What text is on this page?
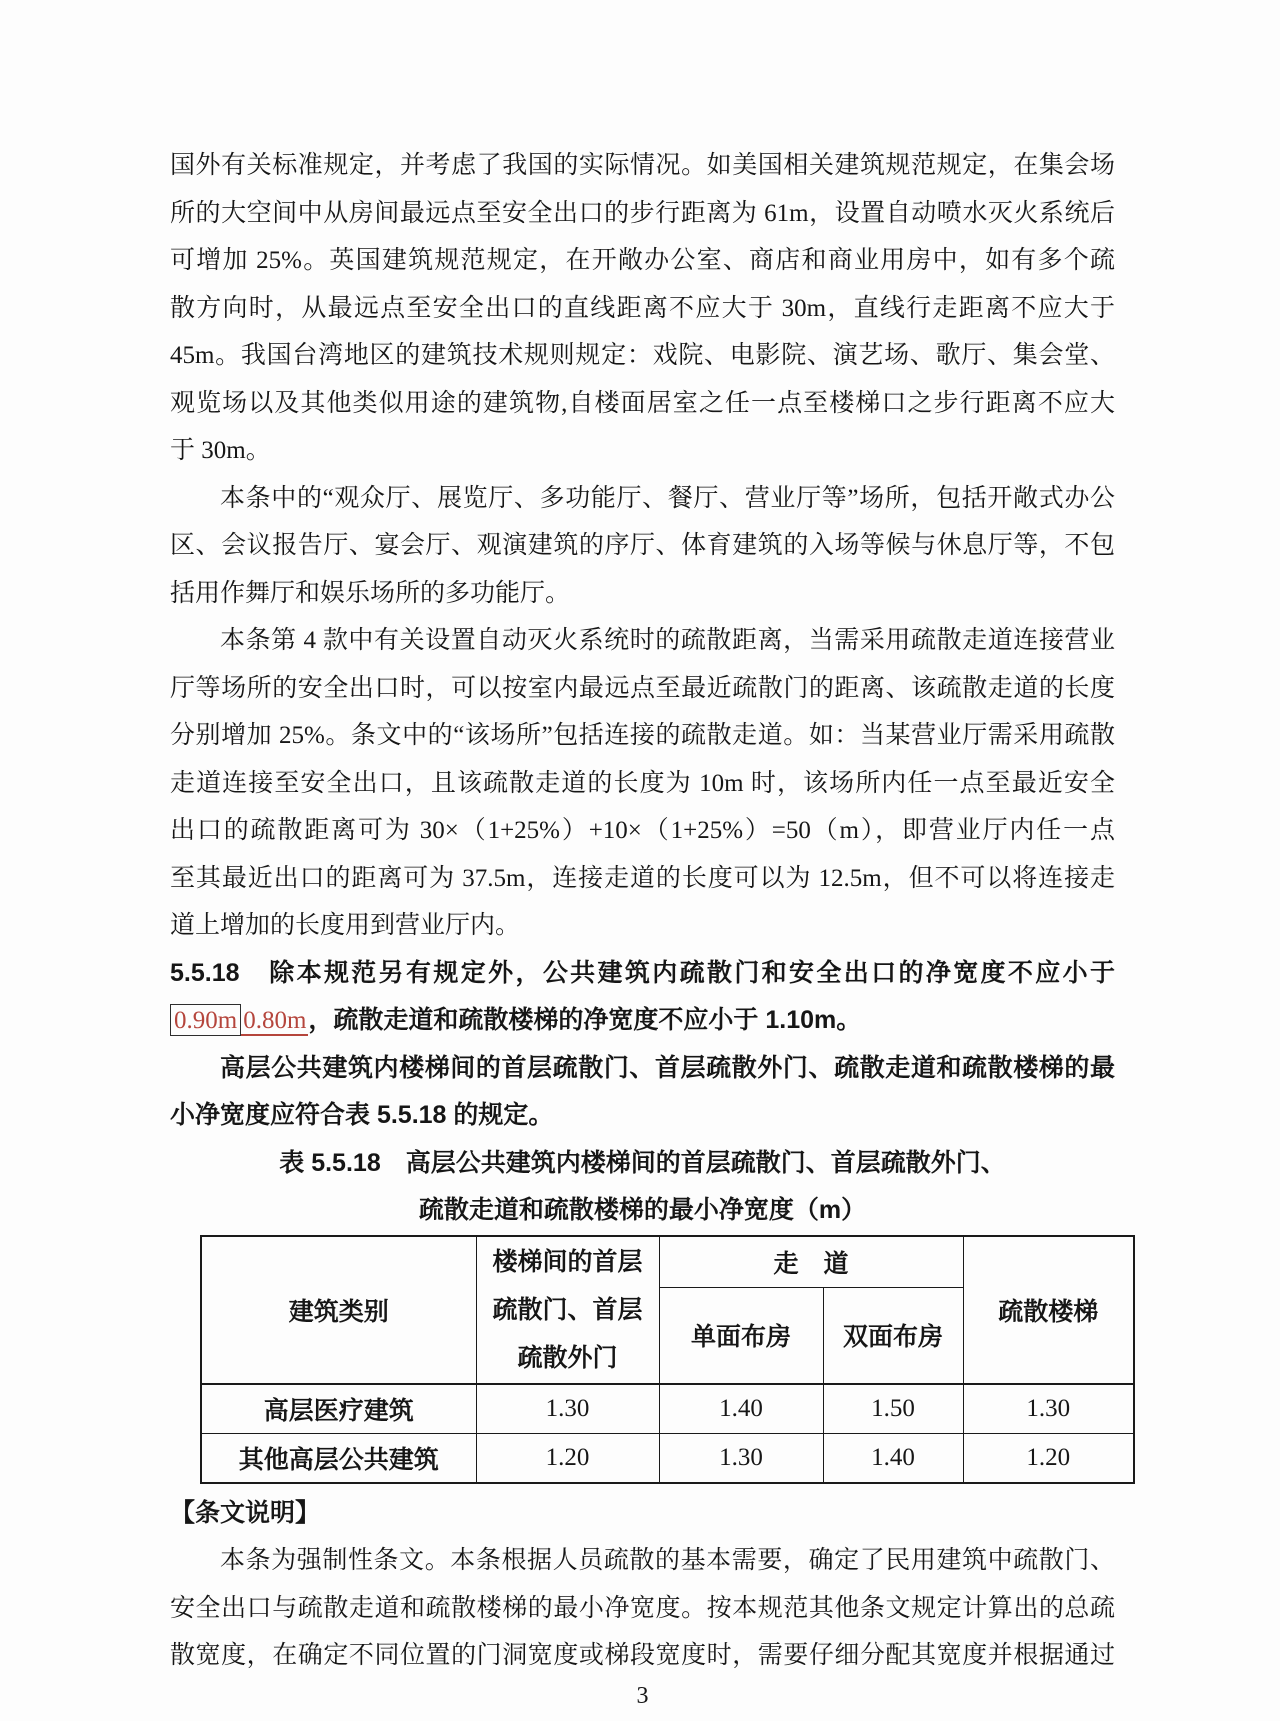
国外有关标准规定，并考虑了我国的实际情况。如美国相关建筑规范规定，在集会场
所的大空间中从房间最远点至安全出口的步行距离为 61m，设置自动喷水灭火系统后
可增加 25%。英国建筑规范规定，在开敞办公室、商店和商业用房中，如有多个疏
散方向时，从最远点至安全出口的直线距离不应大于 30m，直线行走距离不应大于
45m。我国台湾地区的建筑技术规则规定：戏院、电影院、演艺场、歌厅、集会堂、
观览场以及其他类似用途的建筑物,自楼面居室之任一点至楼梯口之步行距离不应大
于 30m。
本条中的“观众厅、展览厅、多功能厅、餐厅、营业厅等”场所，包括开敞式办公
区、会议报告厅、宴会厅、观演建筑的序厅、体育建筑的入场等候与休息厅等，不包
括用作舞厅和娱乐场所的多功能厅。
本条第 4 款中有关设置自动灭火系统时的疏散距离，当需采用疏散走道连接营业
厅等场所的安全出口时，可以按室内最远点至最近疏散门的距离、该疏散走道的长度
分别增加 25%。条文中的“该场所”包括连接的疏散走道。如：当某营业厅需采用疏散
走道连接至安全出口，且该疏散走道的长度为 10m 时，该场所内任一点至最近安全
出口的疏散距离可为 30×（1+25%）+10×（1+25%）=50（m），即营业厅内任一点
至其最近出口的距离可为 37.5m，连接走道的长度可以为 12.5m，但不可以将连接走
道上增加的长度用到营业厅内。
5.5.18　除本规范另有规定外，公共建筑内疏散门和安全出口的净宽度不应小于
0.90m 0.80m，疏散走道和疏散楼梯的净宽度不应小于 1.10m。
高层公共建筑内楼梯间的首层疏散门、首层疏散外门、疏散走道和疏散楼梯的最
小净宽度应符合表 5.5.18 的规定。
表 5.5.18　高层公共建筑内楼梯间的首层疏散门、首层疏散外门、
疏散走道和疏散楼梯的最小净宽度（m）
建筑类别	楼梯间的首层
疏散门、首层
疏散外门	走　道		疏散楼梯
		单面布房	双面布房	
高层医疗建筑	1.30	1.40	1.50	1.30
其他高层公共建筑	1.20	1.30	1.40	1.20
【条文说明】
本条为强制性条文。本条根据人员疏散的基本需要，确定了民用建筑中疏散门、
安全出口与疏散走道和疏散楼梯的最小净宽度。按本规范其他条文规定计算出的总疏
散宽度，在确定不同位置的门洞宽度或梯段宽度时，需要仔细分配其宽度并根据通过
3
